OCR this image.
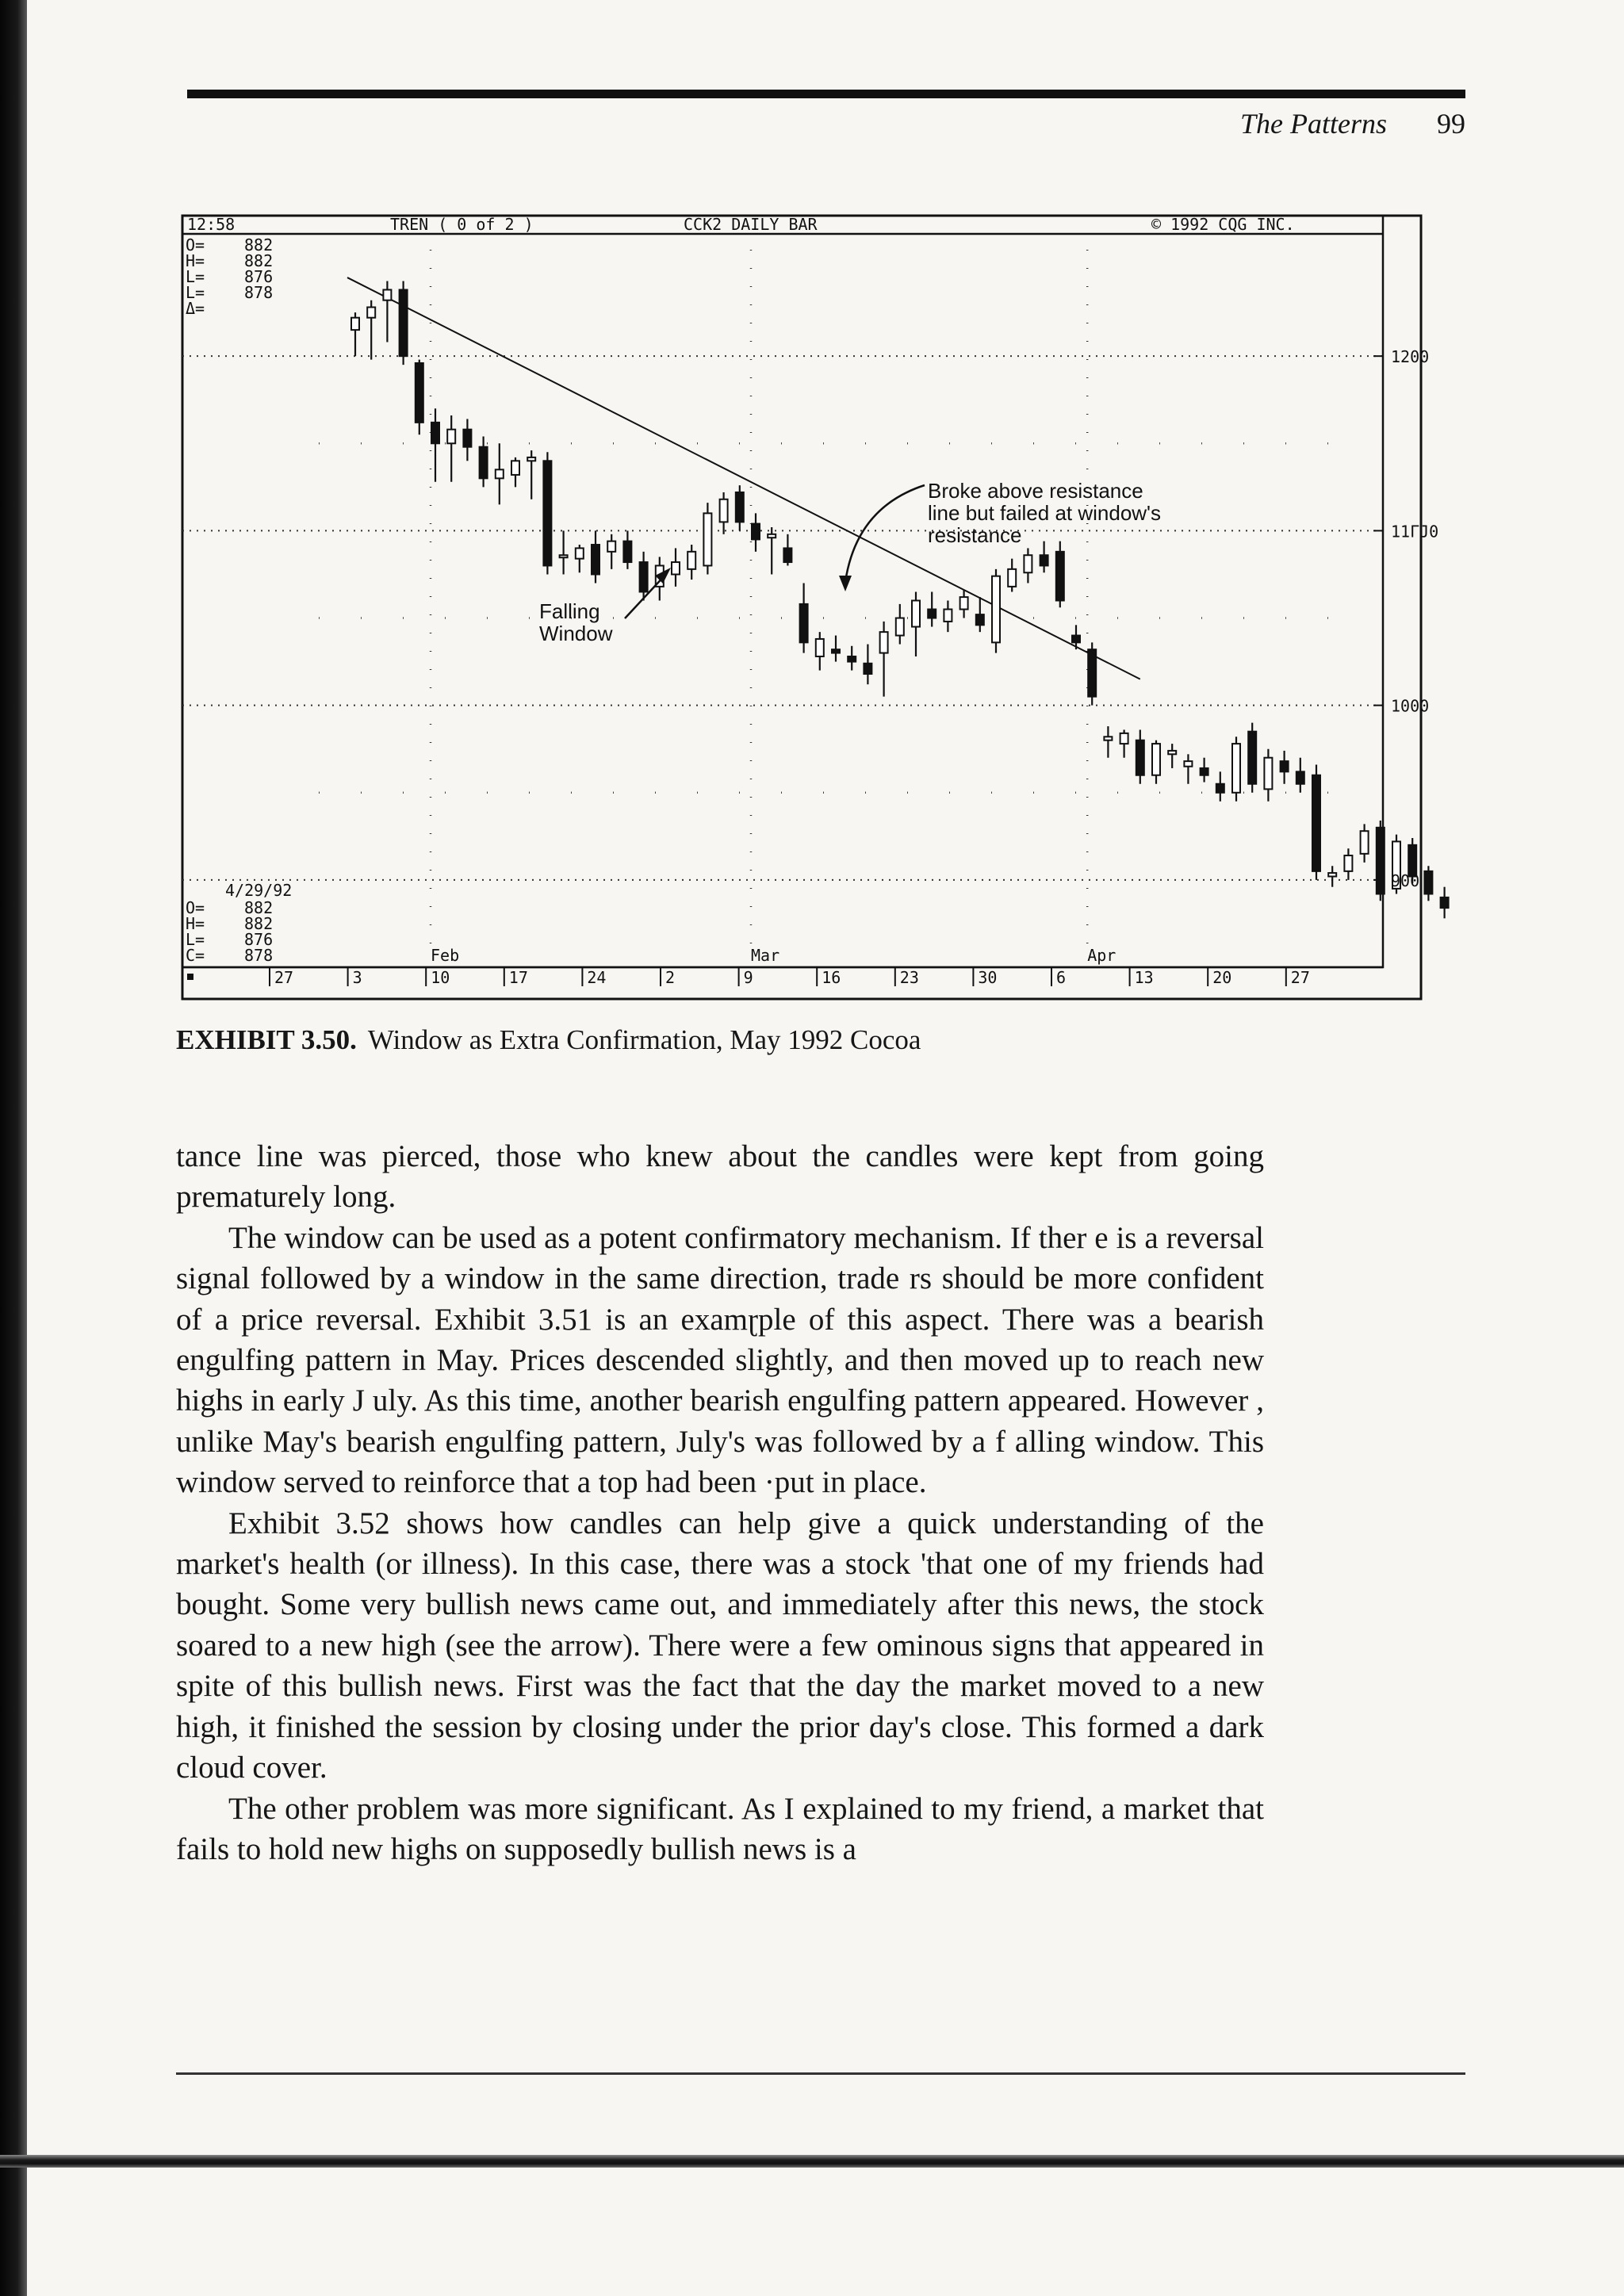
The Patterns 99
12:58	TREN ( 0 of 2 )	CCK2 DAILY BAR	© 1992 CQG INC.
1200
11ΓJ0
1000
900
Feb	Mar	Apr
27	3	10	17	24	2	9	16	23	30	6	13	20	27
O= 882
H= 882
L= 876
L= 878
Δ=
4/29/92
O= 882
H= 882
L= 876
C= 878
Falling
Window
Broke above resistance
line but failed at window's
resistance
EXHIBIT 3.50. Window as Extra Confirmation, May 1992 Cocoa

tance line was pierced, those who knew about the candles were kept from going prematurely long.

The window can be used as a potent confirmatory mechanism. If ther e is a reversal signal followed by a window in the same direction, trade rs should be more confident of a price reversal. Exhibit 3.51 is an examɽple of this aspect. There was a bearish engulfing pattern in May. Prices descended slightly, and then moved up to reach new highs in early J uly. As this time, another bearish engulfing pattern appeared. However , unlike May's bearish engulfing pattern, July's was followed by a f alling window. This window served to reinforce that a top had been ·put in place.

Exhibit 3.52 shows how candles can help give a quick understanding of the market's health (or illness). In this case, there was a stock 'that one of my friends had bought. Some very bullish news came out, and immediately after this news, the stock soared to a new high (see the arrow). There were a few ominous signs that appeared in spite of this bullish news. First was the fact that the day the market moved to a new high, it finished the session by closing under the prior day's close. This formed a dark cloud cover.

The other problem was more significant. As I explained to my friend, a market that fails to hold new highs on supposedly bullish news is a
